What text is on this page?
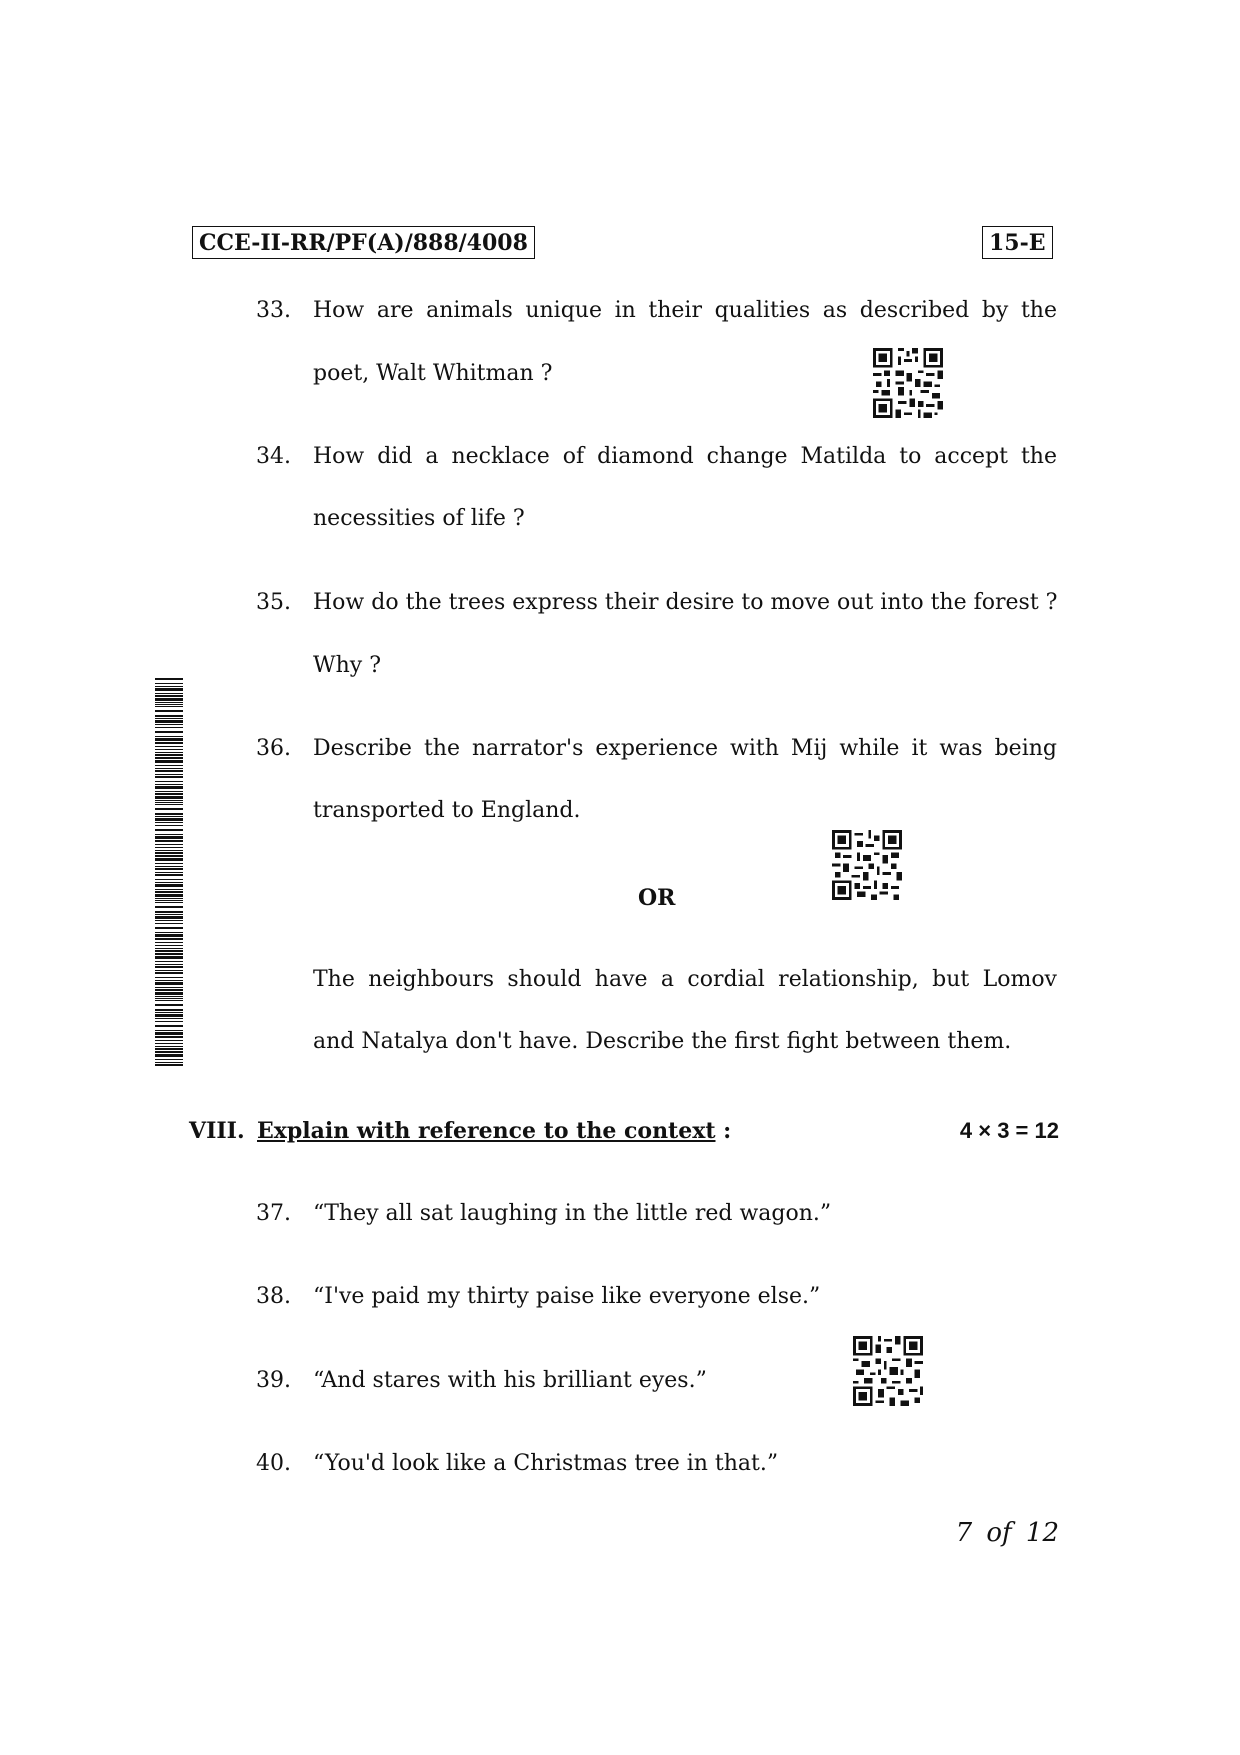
CCE-II-RR/PF(A)/888/4008	15-E
33. How are animals unique in their qualities as described by the
poet, Walt Whitman ?
34. How did a necklace of diamond change Matilda to accept the
necessities of life ?
35. How do the trees express their desire to move out into the forest ?
Why ?
36. Describe the narrator's experience with Mij while it was being
transported to England.
OR
The neighbours should have a cordial relationship, but Lomov
and Natalya don't have. Describe the first fight between them.
VIII. Explain with reference to the context :	4 × 3 = 12
37. “They all sat laughing in the little red wagon.”
38. “I've paid my thirty paise like everyone else.”
39. “And stares with his brilliant eyes.”
40. “You'd look like a Christmas tree in that.”
7 of 12
